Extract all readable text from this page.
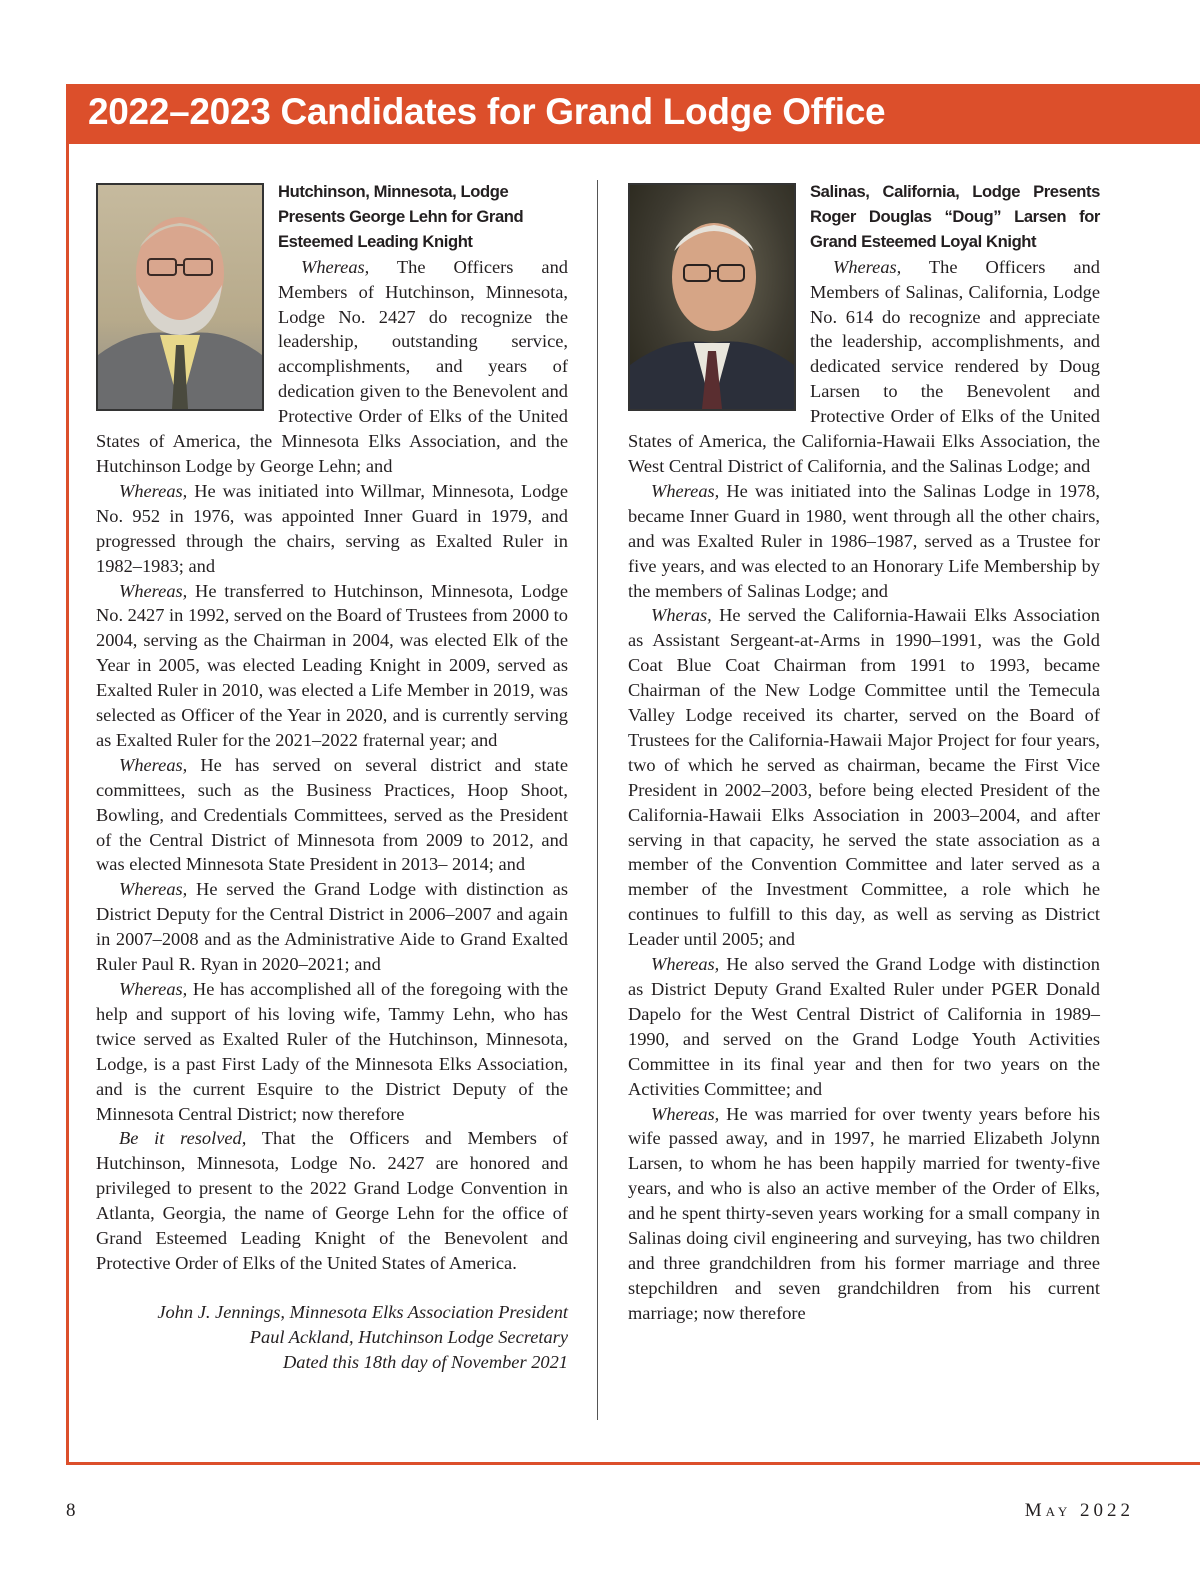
2022–2023 Candidates for Grand Lodge Office

Hutchinson, Minnesota, Lodge Presents George Lehn for Grand Esteemed Leading Knight

Whereas, The Officers and Members of Hutchinson, Minnesota, Lodge No. 2427 do recognize the leadership, outstanding service, accomplishments, and years of dedication given to the Benevolent and Protective Order of Elks of the United States of America, the Minnesota Elks Association, and the Hutchinson Lodge by George Lehn; and

Whereas, He was initiated into Willmar, Minnesota, Lodge No. 952 in 1976, was appointed Inner Guard in 1979, and progressed through the chairs, serving as Exalted Ruler in 1982–1983; and

Whereas, He transferred to Hutchinson, Minnesota, Lodge No. 2427 in 1992, served on the Board of Trustees from 2000 to 2004, serving as the Chairman in 2004, was elected Elk of the Year in 2005, was elected Leading Knight in 2009, served as Exalted Ruler in 2010, was elected a Life Member in 2019, was selected as Officer of the Year in 2020, and is currently serving as Exalted Ruler for the 2021–2022 fraternal year; and

Whereas, He has served on several district and state committees, such as the Business Practices, Hoop Shoot, Bowling, and Credentials Committees, served as the President of the Central District of Minnesota from 2009 to 2012, and was elected Minnesota State President in 2013– 2014; and

Whereas, He served the Grand Lodge with distinction as District Deputy for the Central District in 2006–2007 and again in 2007–2008 and as the Administrative Aide to Grand Exalted Ruler Paul R. Ryan in 2020–2021; and

Whereas, He has accomplished all of the foregoing with the help and support of his loving wife, Tammy Lehn, who has twice served as Exalted Ruler of the Hutchinson, Minnesota, Lodge, is a past First Lady of the Minnesota Elks Association, and is the current Esquire to the District Deputy of the Minnesota Central District; now therefore

Be it resolved, That the Officers and Members of Hutchinson, Minnesota, Lodge No. 2427 are honored and privileged to present to the 2022 Grand Lodge Convention in Atlanta, Georgia, the name of George Lehn for the office of Grand Esteemed Leading Knight of the Benevolent and Protective Order of Elks of the United States of America.

John J. Jennings, Minnesota Elks Association President

Paul Ackland, Hutchinson Lodge Secretary

Dated this 18th day of November 2021

Salinas, California, Lodge Presents Roger Douglas “Doug” Larsen for Grand Esteemed Loyal Knight

Whereas, The Officers and Members of Salinas, California, Lodge No. 614 do recognize and appreciate the leadership, accomplishments, and dedicated service rendered by Doug Larsen to the Benevolent and Protective Order of Elks of the United States of America, the California-Hawaii Elks Association, the West Central District of California, and the Salinas Lodge; and

Whereas, He was initiated into the Salinas Lodge in 1978, became Inner Guard in 1980, went through all the other chairs, and was Exalted Ruler in 1986–1987, served as a Trustee for five years, and was elected to an Honorary Life Membership by the members of Salinas Lodge; and

Wheras, He served the California-Hawaii Elks Association as Assistant Sergeant-at-Arms in 1990–1991, was the Gold Coat Blue Coat Chairman from 1991 to 1993, became Chairman of the New Lodge Committee until the Temecula Valley Lodge received its charter, served on the Board of Trustees for the California-Hawaii Major Project for four years, two of which he served as chairman, became the First Vice President in 2002–2003, before being elected President of the California-Hawaii Elks Association in 2003–2004, and after serving in that capacity, he served the state association as a member of the Convention Committee and later served as a member of the Investment Committee, a role which he continues to fulfill to this day, as well as serving as District Leader until 2005; and

Whereas, He also served the Grand Lodge with distinction as District Deputy Grand Exalted Ruler under PGER Donald Dapelo for the West Central District of California in 1989–1990, and served on the Grand Lodge Youth Activities Committee in its final year and then for two years on the Activities Committee; and

Whereas, He was married for over twenty years before his wife passed away, and in 1997, he married Elizabeth Jolynn Larsen, to whom he has been happily married for twenty-five years, and who is also an active member of the Order of Elks, and he spent thirty-seven years working for a small company in Salinas doing civil engineering and surveying, has two children and three grandchildren from his former marriage and three stepchildren and seven grandchildren from his current marriage; now therefore

8	May 2022
